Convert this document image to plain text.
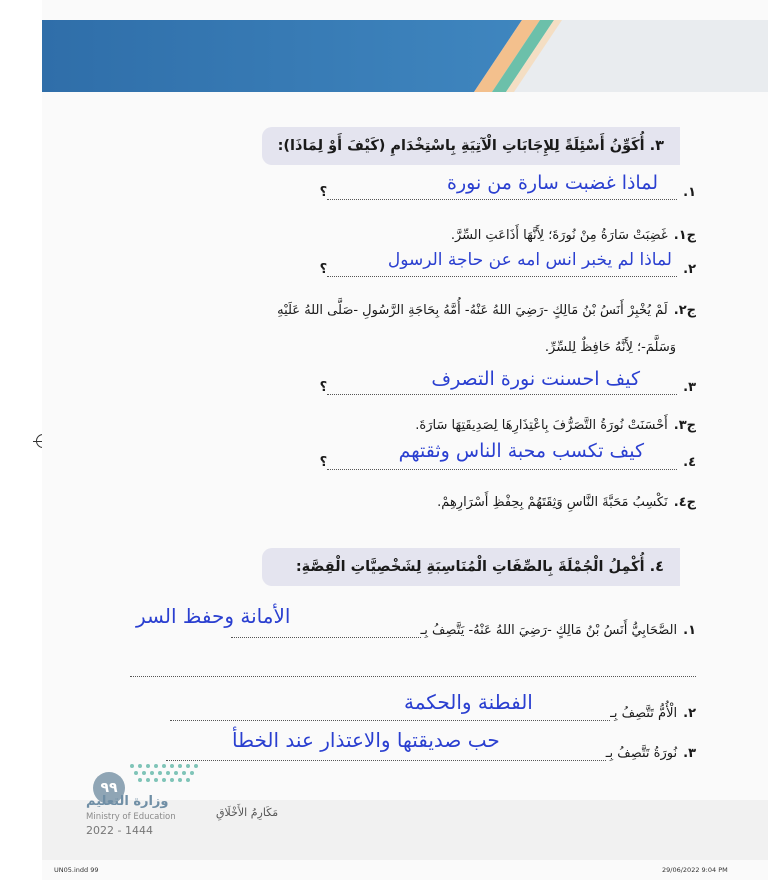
٣. أُكَوِّنُ أَسْئِلَةً لِلإِجَابَاتِ الْآتِيَةِ بِاسْتِخْدَامِ (كَيْفَ أَوْ لِمَاذَا):
١.؟	لماذا غضبت سارة من نورة
ج١.غَضِبَتْ سَارَةُ مِنْ نُورَةَ؛ لِأَنَّهَا أَذَاعَتِ السِّرَّ.
٢.؟	لماذا لم يخبر انس امه عن حاجة الرسول
ج٢.لَمْ يُخْبِرْ أَنَسُ بْنُ مَالِكٍ -رَضِيَ اللهُ عَنْهُ- أُمَّهُ بِحَاجَةِ الرَّسُولِ -صَلَّى اللهُ عَلَيْهِ
وَسَلَّمَ-؛ لِأَنَّهُ حَافِظٌ لِلسِّرِّ.
٣.؟	كيف احسنت نورة التصرف
ج٣.أَحْسَنَتْ نُورَةُ التَّصَرُّفَ بِاعْتِذَارِهَا لِصَدِيقَتِهَا سَارَةَ.
٤.؟
كيف تكسب محبة الناس وثقتهم
ج٤.نَكْسِبُ مَحَبَّةَ النَّاسِ وَثِقَتَهُمْ بِحِفْظِ أَسْرَارِهِمْ.
٤. أُكْمِلُ الْجُمْلَةَ بِالصِّفَاتِ الْمُنَاسِبَةِ لِشَخْصِيَّاتِ الْقِصَّةِ:
١.الصَّحَابِيُّ أَنَسُ بْنُ مَالِكٍ -رَضِيَ اللهُ عَنْهُ- يَتَّصِفُ بِـ
الأمانة وحفظ السر
٢.الْأُمُّ تَتَّصِفُ بِـ
الفطنة والحكمة
٣.نُورَةُ تَتَّصِفُ بِـ
حب صديقتها والاعتذار عند الخطأ
٩٩
وزارة التعليم
Ministry of Education
2022 - 1444
مَكَارِمُ الأَخْلَاقِ
UN05.indd 99	29/06/2022 9:04 PM
